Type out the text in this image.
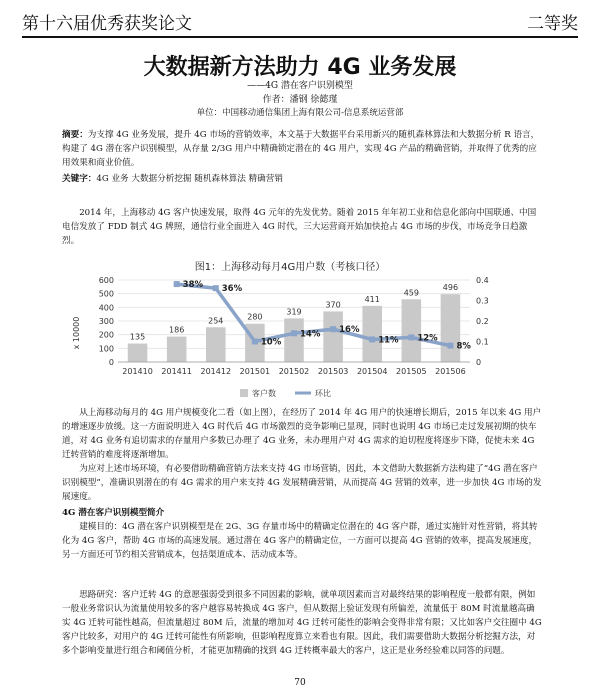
第十六届优秀获奖论文	二等奖
大数据新方法助力 4G 业务发展
——4G 潜在客户识别模型
作者：潘钢 徐懿瑾
单位：中国移动通信集团上海有限公司-信息系统运营部
摘要：为支撑 4G 业务发展，提升 4G 市场的营销效率，本文基于大数据平台采用新兴的随机森林算法和大数据分析 R 语言，构建了 4G 潜在客户识别模型，从存量 2/3G 用户中精确锁定潜在的 4G 用户，实现 4G 产品的精确营销，并取得了优秀的应用效果和商业价值。
关键字：4G 业务 大数据分析挖掘 随机森林算法 精确营销
2014 年，上海移动 4G 客户快速发展，取得 4G 元年的先发优势。随着 2015 年年初工业和信息化部向中国联通、中国电信发放了 FDD 制式 4G 牌照，通信行业全面进入 4G 时代，三大运营商开始加快抢占 4G 市场的步伐，市场竞争日趋激烈。
图1：上海移动每月4G用户数（考核口径）
x 10000
0
100
200
300
400
500
600
0
0.1
0.2
0.3
0.4
135
186
254	280
319
370
411
459
496
38% 36%
10%
14% 16%
11% 12%
8%
201410 201411 201412 201501 201502 201503 201504 201505 201506
客户数	环比
从上海移动每月的 4G 用户规模变化二看（如上图），在经历了 2014 年 4G 用户的快速增长期后，2015 年以来 4G 用户的增速逐步放缓。这一方面说明进入 4G 时代后 4G 市场激烈的竞争影响已显现，同时也说明 4G 市场已走过发展初期的快车道，对 4G 业务有追切需求的存量用户多数已办理了 4G 业务，未办理用户对 4G 需求的迫切程度将逐步下降，促使未来 4G 迁转营销的难度将逐渐增加。
为应对上述市场环境，有必要借助精确营销方法来支持 4G 市场营销，因此，本文借助大数据新方法构建了“4G 潜在客户识别模型”，准确识别潜在的有 4G 需求的用户来支持 4G 发展精确营销，从而提高 4G 营销的效率，进一步加快 4G 市场的发展速度。
4G 潜在客户识别模型简介
建模目的：4G 潜在客户识别模型是在 2G、3G 存量市场中的精确定位潜在的 4G 客户群，通过实施针对性营销，将其转化为 4G 客户，帮助 4G 市场的高速发展。通过潜在 4G 客户的精确定位，一方面可以提高 4G 营销的效率，提高发展速度，另一方面还可节约相关营销成本，包括渠道成本、活动成本等。
思路研究：客户迁转 4G 的意愿强弱受到很多不同因素的影响，就单项因素而言对最终结果的影响程度一般都有限，例如一般业务常识认为流量使用较多的客户越容易转换成 4G 客户，但从数据上验证发现有所偏差，流量低于 80M 时流量越高确实 4G 迁转可能性越高，但流量超过 80M 后，流量的增加对 4G 迁转可能性的影响会变得非常有限；又比如客户交往圈中 4G 客户比较多，对用户的 4G 迁转可能性有所影响，但影响程度算立来看也有限。因此，我们需要借助大数据分析挖掘方法，对多个影响变量进行组合和阈值分析，才能更加精确的找到 4G 迁转概率最大的客户，这正是业务经验难以同答的问题。
70
